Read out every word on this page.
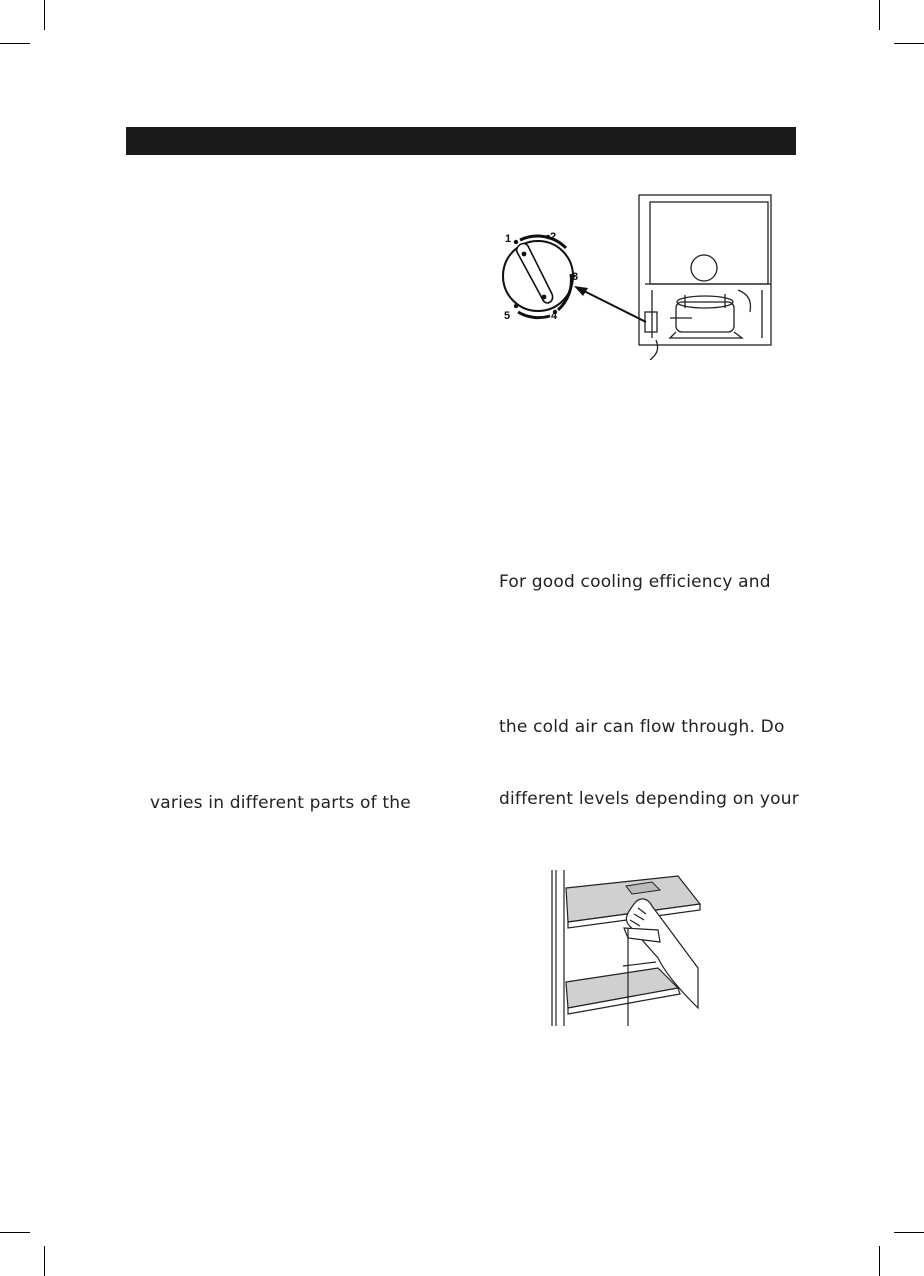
1	2
3
4
5
varies in different parts of the
For good cooling efficiency and
the cold air can flow through. Do
different levels depending on your
